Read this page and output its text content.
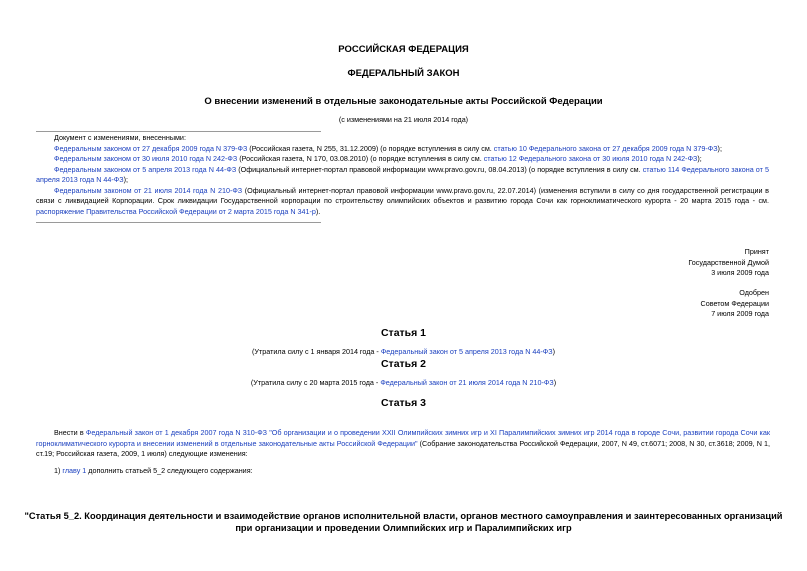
РОССИЙСКАЯ ФЕДЕРАЦИЯ
ФЕДЕРАЛЬНЫЙ ЗАКОН
О внесении изменений в отдельные законодательные акты Российской Федерации
(с изменениями на 21 июля 2014 года)

Документ с изменениями, внесенными:

Федеральным законом от 27 декабря 2009 года N 379-ФЗ (Российская газета, N 255, 31.12.2009) (о порядке вступления в силу см. статью 10 Федерального закона от 27 декабря 2009 года N 379-ФЗ);

Федеральным законом от 30 июля 2010 года N 242-ФЗ (Российская газета, N 170, 03.08.2010) (о порядке вступления в силу см. статью 12 Федерального закона от 30 июля 2010 года N 242-ФЗ);

Федеральным законом от 5 апреля 2013 года N 44-ФЗ (Официальный интернет-портал правовой информации www.pravo.gov.ru, 08.04.2013) (о порядке вступления в силу см. статью 114 Федерального закона от 5 апреля 2013 года N 44-ФЗ);

Федеральным законом от 21 июля 2014 года N 210-ФЗ (Официальный интернет-портал правовой информации www.pravo.gov.ru, 22.07.2014) (изменения вступили в силу со дня государственной регистрации в связи с ликвидацией Корпорации. Срок ликвидации Государственной корпорации по строительству олимпийских объектов и развитию города Сочи как горноклиматического курорта - 20 марта 2015 года - см. распоряжение Правительства Российской Федерации от 2 марта 2015 года N 341-р).

Принят
Государственной Думой
3 июля 2009 года
Одобрен
Советом Федерации
7 июля 2009 года
Статья 1
(Утратила силу с 1 января 2014 года - Федеральный закон от 5 апреля 2013 года N 44-ФЗ)
Статья 2
(Утратила силу с 20 марта 2015 года - Федеральный закон от 21 июля 2014 года N 210-ФЗ)
Статья 3

Внести в Федеральный закон от 1 декабря 2007 года N 310-ФЗ "Об организации и о проведении XXII Олимпийских зимних игр и XI Паралимпийских зимних игр 2014 года в городе Сочи, развитии города Сочи как горноклиматического курорта и внесении изменений в отдельные законодательные акты Российской Федерации" (Собрание законодательства Российской Федерации, 2007, N 49, ст.6071; 2008, N 30, ст.3618; 2009, N 1, ст.19; Российская газета, 2009, 1 июля) следующие изменения:

1) главу 1 дополнить статьей 5_2 следующего содержания:

"Статья 5_2. Координация деятельности и взаимодействие органов исполнительной власти, органов местного самоуправления и заинтересованных организаций
при организации и проведении Олимпийских игр и Паралимпийских игр
